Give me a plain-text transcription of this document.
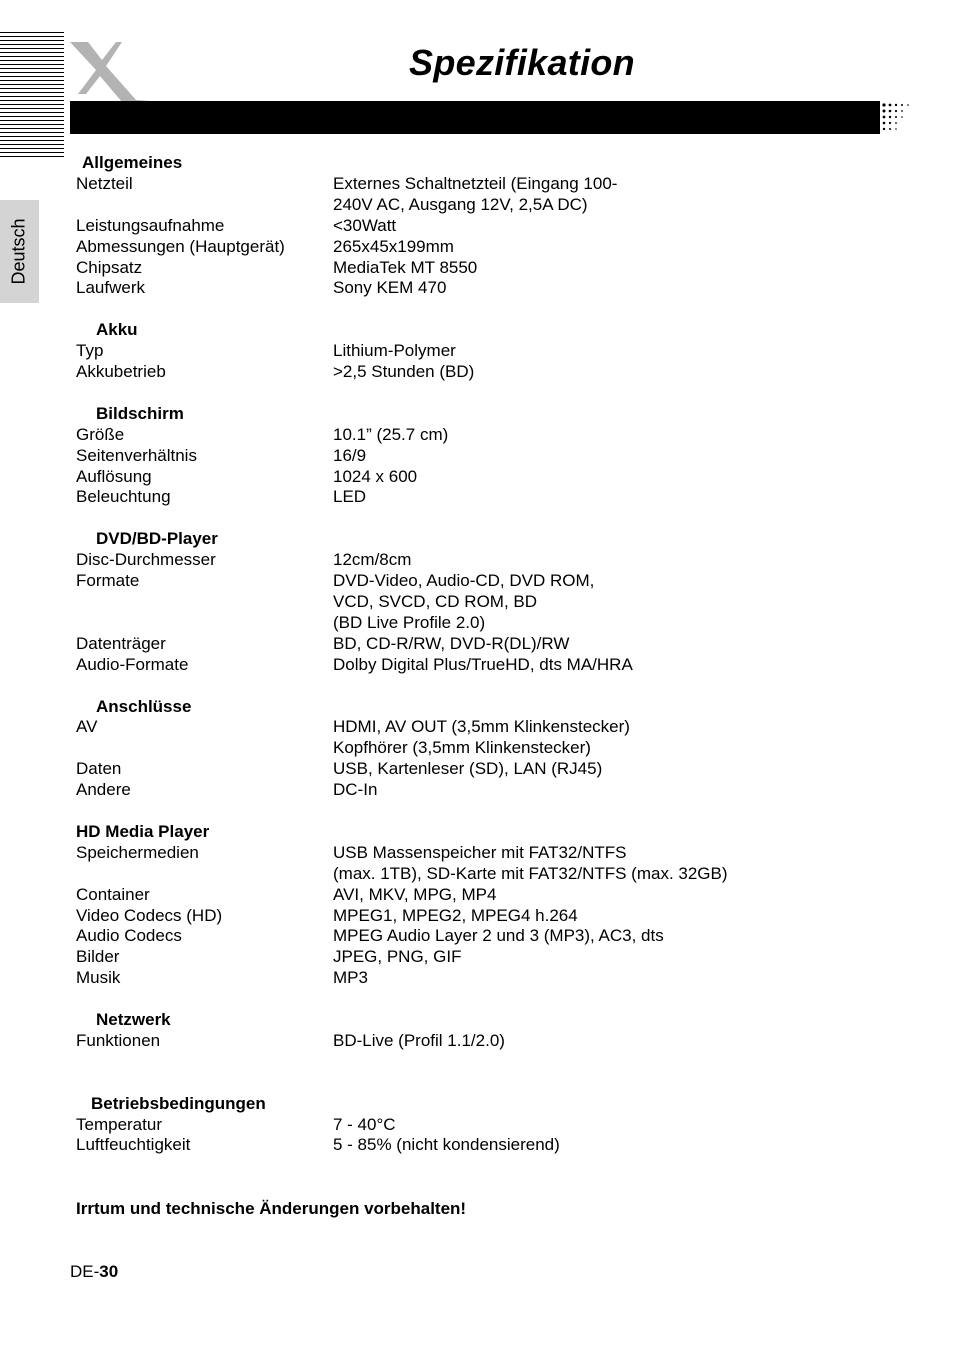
Spezifikation
Deutsch
Allgemeines
Netzteil	Externes Schaltnetzteil (Eingang 100-
240V AC, Ausgang 12V, 2,5A DC)
Leistungsaufnahme	<30Watt
Abmessungen (Hauptgerät)	265x45x199mm
Chipsatz	MediaTek MT 8550
Laufwerk	Sony KEM 470
Akku
Typ	Lithium-Polymer
Akkubetrieb	>2,5 Stunden (BD)
Bildschirm
Größe	10.1” (25.7 cm)
Seitenverhältnis	16/9
Auflösung	1024 x 600
Beleuchtung	LED
DVD/BD-Player
Disc-Durchmesser	12cm/8cm
Formate	DVD-Video, Audio-CD, DVD ROM,
VCD, SVCD, CD ROM, BD
(BD Live Profile 2.0)
Datenträger	BD, CD-R/RW, DVD-R(DL)/RW
Audio-Formate	Dolby Digital Plus/TrueHD, dts MA/HRA
Anschlüsse
AV	HDMI, AV OUT (3,5mm Klinkenstecker)
Kopfhörer (3,5mm Klinkenstecker)
Daten	USB, Kartenleser (SD), LAN (RJ45)
Andere	DC-In
HD Media Player
Speichermedien	USB Massenspeicher mit FAT32/NTFS
(max. 1TB), SD-Karte mit FAT32/NTFS (max. 32GB)
Container	AVI, MKV, MPG, MP4
Video Codecs (HD)	MPEG1, MPEG2, MPEG4 h.264
Audio Codecs	MPEG Audio Layer 2 und 3 (MP3), AC3, dts
Bilder	JPEG, PNG, GIF
Musik	MP3
Netzwerk
Funktionen	BD-Live (Profil 1.1/2.0)
Betriebsbedingungen
Temperatur	7 - 40°C
Luftfeuchtigkeit	5 - 85% (nicht kondensierend)
Irrtum und technische Änderungen vorbehalten!
DE-30
